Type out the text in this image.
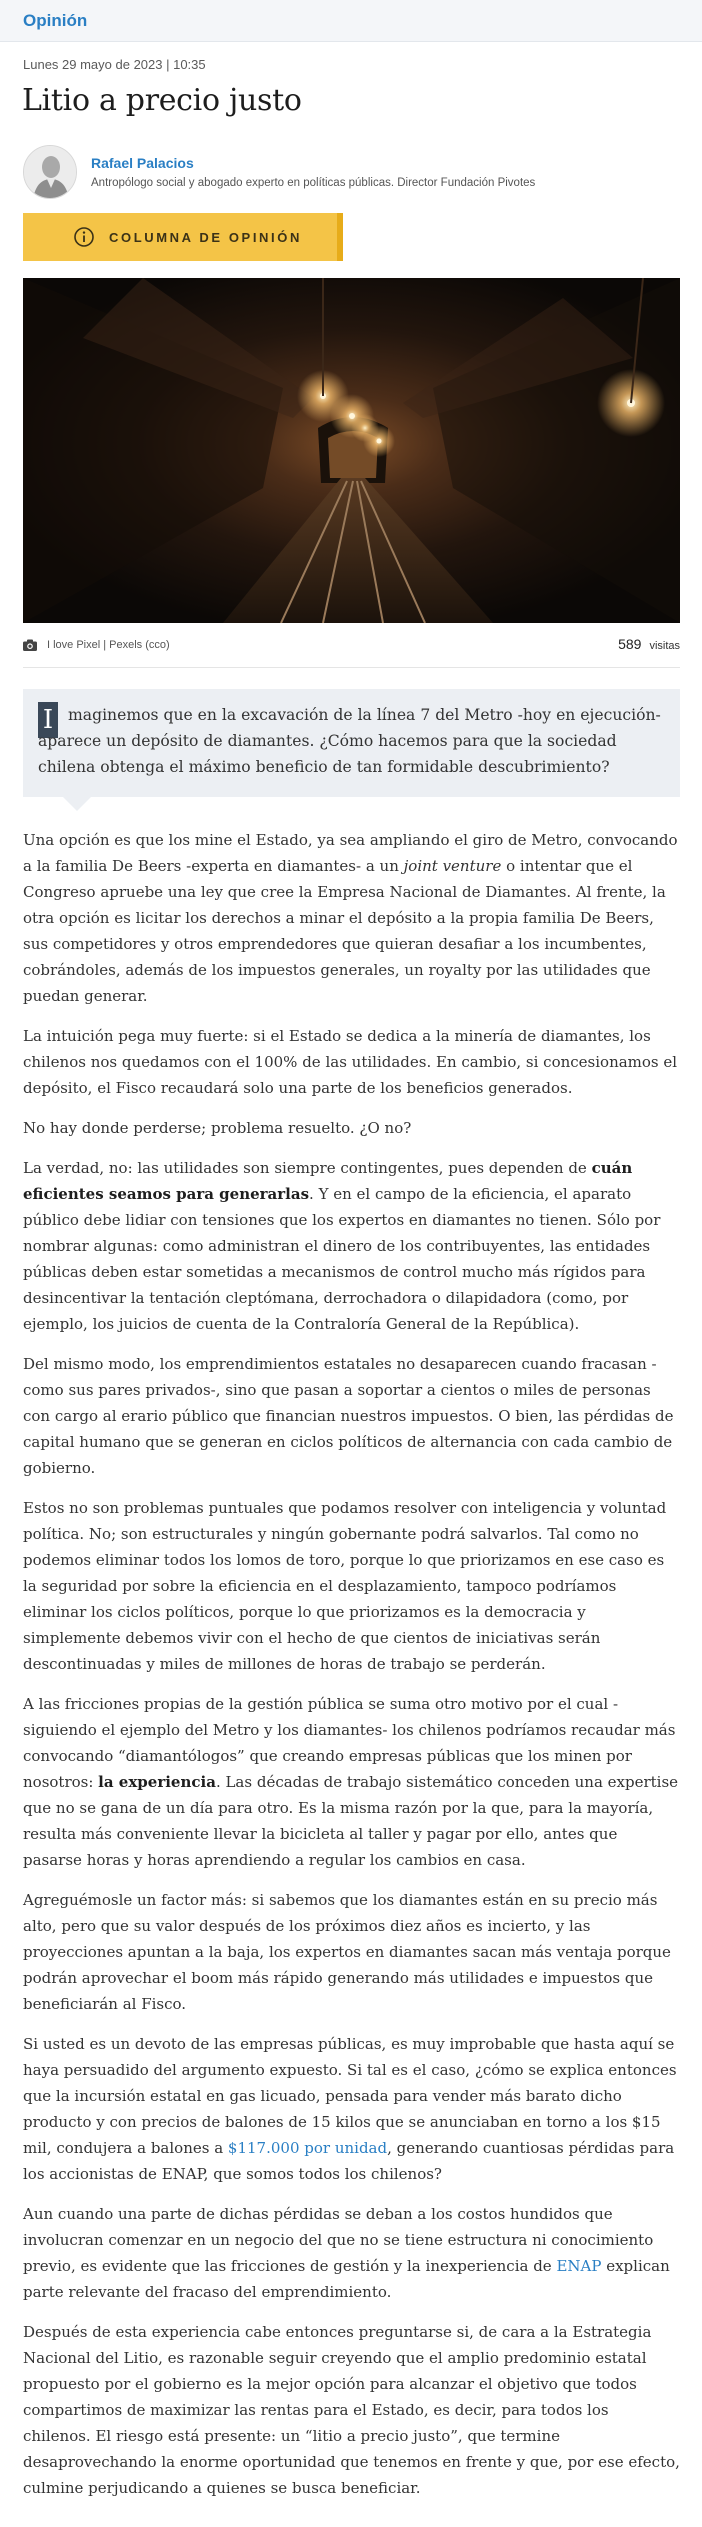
Opinión
Lunes 29 mayo de 2023 | 10:35
Litio a precio justo
Rafael Palacios
Antropólogo social y abogado experto en políticas públicas. Director Fundación Pivotes
COLUMNA DE OPINIÓN
I love Pixel | Pexels (cco)	589 visitas
I maginemos que en la excavación de la línea 7 del Metro -hoy en ejecución- aparece un depósito de diamantes. ¿Cómo hacemos para que la sociedad chilena obtenga el máximo beneficio de tan formidable descubrimiento?

Una opción es que los mine el Estado, ya sea ampliando el giro de Metro, convocando a la familia De Beers -experta en diamantes- a un joint venture o intentar que el Congreso apruebe una ley que cree la Empresa Nacional de Diamantes. Al frente, la otra opción es licitar los derechos a minar el depósito a la propia familia De Beers, sus competidores y otros emprendedores que quieran desafiar a los incumbentes, cobrándoles, además de los impuestos generales, un royalty por las utilidades que puedan generar.

La intuición pega muy fuerte: si el Estado se dedica a la minería de diamantes, los chilenos nos quedamos con el 100% de las utilidades. En cambio, si concesionamos el depósito, el Fisco recaudará solo una parte de los beneficios generados.

No hay donde perderse; problema resuelto. ¿O no?

La verdad, no: las utilidades son siempre contingentes, pues dependen de cuán eficientes seamos para generarlas. Y en el campo de la eficiencia, el aparato público debe lidiar con tensiones que los expertos en diamantes no tienen. Sólo por nombrar algunas: como administran el dinero de los contribuyentes, las entidades públicas deben estar sometidas a mecanismos de control mucho más rígidos para desincentivar la tentación cleptómana, derrochadora o dilapidadora (como, por ejemplo, los juicios de cuenta de la Contraloría General de la República).

Del mismo modo, los emprendimientos estatales no desaparecen cuando fracasan -como sus pares privados-, sino que pasan a soportar a cientos o miles de personas con cargo al erario público que financian nuestros impuestos. O bien, las pérdidas de capital humano que se generan en ciclos políticos de alternancia con cada cambio de gobierno.

Estos no son problemas puntuales que podamos resolver con inteligencia y voluntad política. No; son estructurales y ningún gobernante podrá salvarlos. Tal como no podemos eliminar todos los lomos de toro, porque lo que priorizamos en ese caso es la seguridad por sobre la eficiencia en el desplazamiento, tampoco podríamos eliminar los ciclos políticos, porque lo que priorizamos es la democracia y simplemente debemos vivir con el hecho de que cientos de iniciativas serán descontinuadas y miles de millones de horas de trabajo se perderán.

A las fricciones propias de la gestión pública se suma otro motivo por el cual -siguiendo el ejemplo del Metro y los diamantes- los chilenos podríamos recaudar más convocando “diamantólogos” que creando empresas públicas que los minen por nosotros: la experiencia. Las décadas de trabajo sistemático conceden una expertise que no se gana de un día para otro. Es la misma razón por la que, para la mayoría, resulta más conveniente llevar la bicicleta al taller y pagar por ello, antes que pasarse horas y horas aprendiendo a regular los cambios en casa.

Agreguémosle un factor más: si sabemos que los diamantes están en su precio más alto, pero que su valor después de los próximos diez años es incierto, y las proyecciones apuntan a la baja, los expertos en diamantes sacan más ventaja porque podrán aprovechar el boom más rápido generando más utilidades e impuestos que beneficiarán al Fisco.

Si usted es un devoto de las empresas públicas, es muy improbable que hasta aquí se haya persuadido del argumento expuesto. Si tal es el caso, ¿cómo se explica entonces que la incursión estatal en gas licuado, pensada para vender más barato dicho producto y con precios de balones de 15 kilos que se anunciaban en torno a los $15 mil, condujera a balones a $117.000 por unidad, generando cuantiosas pérdidas para los accionistas de ENAP, que somos todos los chilenos?

Aun cuando una parte de dichas pérdidas se deban a los costos hundidos que involucran comenzar en un negocio del que no se tiene estructura ni conocimiento previo, es evidente que las fricciones de gestión y la inexperiencia de ENAP explican parte relevante del fracaso del emprendimiento.

Después de esta experiencia cabe entonces preguntarse si, de cara a la Estrategia Nacional del Litio, es razonable seguir creyendo que el amplio predominio estatal propuesto por el gobierno es la mejor opción para alcanzar el objetivo que todos compartimos de maximizar las rentas para el Estado, es decir, para todos los chilenos. El riesgo está presente: un “litio a precio justo”, que termine desaprovechando la enorme oportunidad que tenemos en frente y que, por ese efecto, culmine perjudicando a quienes se busca beneficiar.
